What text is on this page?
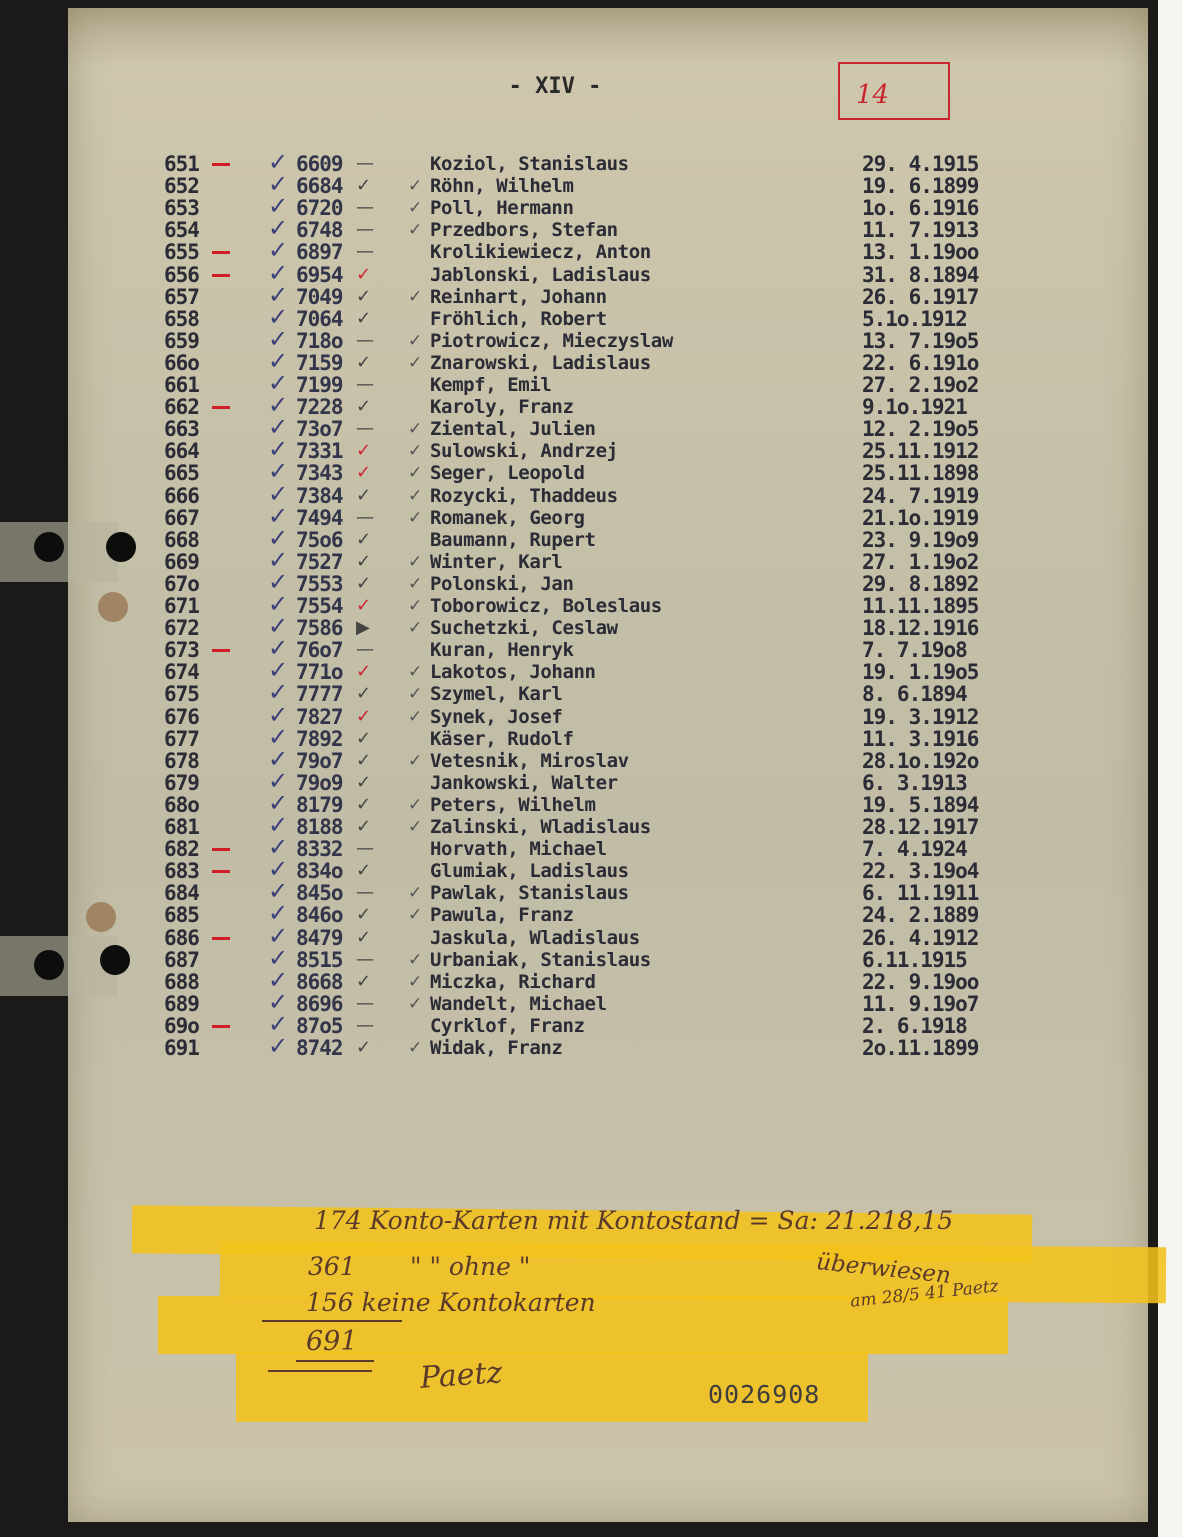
- XIV -	14
651	✓ 6609 —	Koziol, Stanislaus	29. 4.1915
652	✓ 6684 ✓ ✓ Röhn, Wilhelm	19. 6.1899
653	✓ 6720 — ✓ Poll, Hermann	1o. 6.1916
654	✓ 6748 — ✓ Przedbors, Stefan	11. 7.1913
655	✓ 6897 —	Krolikiewiecz, Anton	13. 1.19oo
656	✓ 6954 ✓	Jablonski, Ladislaus	31. 8.1894
657	✓ 7049 ✓ ✓ Reinhart, Johann	26. 6.1917
658	✓ 7064 ✓	Fröhlich, Robert	5.1o.1912
659	✓ 718o — ✓ Piotrowicz, Mieczyslaw	13. 7.19o5
66o	✓ 7159 ✓ ✓ Znarowski, Ladislaus	22. 6.191o
661	✓ 7199 —	Kempf, Emil	27. 2.19o2
662	✓ 7228 ✓	Karoly, Franz	9.1o.1921
663	✓ 73o7 — ✓ Ziental, Julien	12. 2.19o5
664	✓ 7331 ✓ ✓ Sulowski, Andrzej	25.11.1912
665	✓ 7343 ✓ ✓ Seger, Leopold	25.11.1898
666	✓ 7384 ✓ ✓ Rozycki, Thaddeus	24. 7.1919
667	✓ 7494 — ✓ Romanek, Georg	21.1o.1919
668	✓ 75o6 ✓	Baumann, Rupert	23. 9.19o9
669	✓ 7527 ✓ ✓ Winter, Karl	27. 1.19o2
67o	✓ 7553 ✓ ✓ Polonski, Jan	29. 8.1892
671	✓ 7554 ✓ ✓ Toborowicz, Boleslaus	11.11.1895
672	✓ 7586 ▶ ✓ Suchetzki, Ceslaw	18.12.1916
673	✓ 76o7 —	Kuran, Henryk	7. 7.19o8
674	✓ 771o ✓ ✓ Lakotos, Johann	19. 1.19o5
675	✓ 7777 ✓ ✓ Szymel, Karl	8. 6.1894
676	✓ 7827 ✓ ✓ Synek, Josef	19. 3.1912
677	✓ 7892 ✓	Käser, Rudolf	11. 3.1916
678	✓ 79o7 ✓ ✓ Vetesnik, Miroslav	28.1o.192o
679	✓ 79o9 ✓	Jankowski, Walter	6. 3.1913
68o	✓ 8179 ✓ ✓ Peters, Wilhelm	19. 5.1894
681	✓ 8188 ✓ ✓ Zalinski, Wladislaus	28.12.1917
682	✓ 8332 —	Horvath, Michael	7. 4.1924
683	✓ 834o ✓	Glumiak, Ladislaus	22. 3.19o4
684	✓ 845o — ✓ Pawlak, Stanislaus	6. 11.1911
685	✓ 846o ✓ ✓ Pawula, Franz	24. 2.1889
686	✓ 8479 ✓	Jaskula, Wladislaus	26. 4.1912
687	✓ 8515 — ✓ Urbaniak, Stanislaus	6.11.1915
688	✓ 8668 ✓ ✓ Miczka, Richard	22. 9.19oo
689	✓ 8696 — ✓ Wandelt, Michael	11. 9.19o7
69o	✓ 87o5 —	Cyrklof, Franz	2. 6.1918
691	✓ 8742 ✓ ✓ Widak, Franz	2o.11.1899
174 Konto-Karten mit Kontostand = Sa: 21.218,15
361 " " ohne "	überwiesen
am 28/5 41 Paetz
156 keine Kontokarten
691
Paetz	0026908
